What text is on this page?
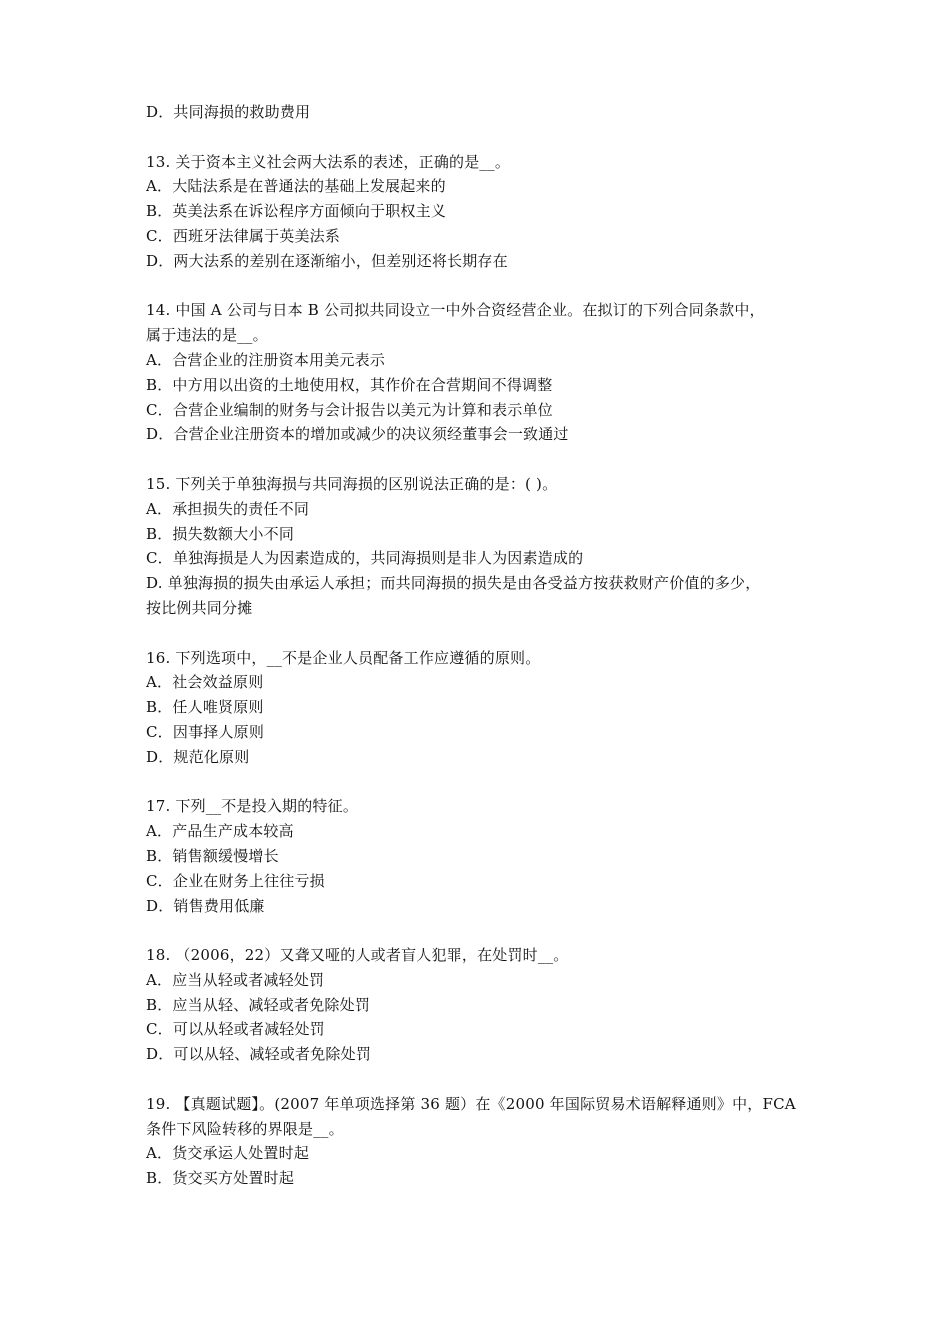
D．共同海损的救助费用
13. 关于资本主义社会两大法系的表述，正确的是__。
A．大陆法系是在普通法的基础上发展起来的
B．英美法系在诉讼程序方面倾向于职权主义
C．西班牙法律属于英美法系
D．两大法系的差别在逐渐缩小，但差别还将长期存在
14. 中国 A 公司与日本 B 公司拟共同设立一中外合资经营企业。在拟订的下列合同条款中，
属于违法的是__。
A．合营企业的注册资本用美元表示
B．中方用以出资的土地使用权，其作价在合营期间不得调整
C．合营企业编制的财务与会计报告以美元为计算和表示单位
D．合营企业注册资本的增加或减少的决议须经董事会一致通过
15. 下列关于单独海损与共同海损的区别说法正确的是：( )。
A．承担损失的责任不同
B．损失数额大小不同
C．单独海损是人为因素造成的，共同海损则是非人为因素造成的
D. 单独海损的损失由承运人承担；而共同海损的损失是由各受益方按获救财产价值的多少，
按比例共同分摊
16. 下列选项中，__不是企业人员配备工作应遵循的原则。
A．社会效益原则
B．任人唯贤原则
C．因事择人原则
D．规范化原则
17. 下列__不是投入期的特征。
A．产品生产成本较高
B．销售额缓慢增长
C．企业在财务上往往亏损
D．销售费用低廉
18. （2006，22）又聋又哑的人或者盲人犯罪，在处罚时__。
A．应当从轻或者减轻处罚
B．应当从轻、减轻或者免除处罚
C．可以从轻或者减轻处罚
D．可以从轻、减轻或者免除处罚
19. 【真题试题】。(2007 年单项选择第 36 题）在《2000 年国际贸易术语解释通则》中，FCA
条件下风险转移的界限是__。
A．货交承运人处置时起
B．货交买方处置时起
